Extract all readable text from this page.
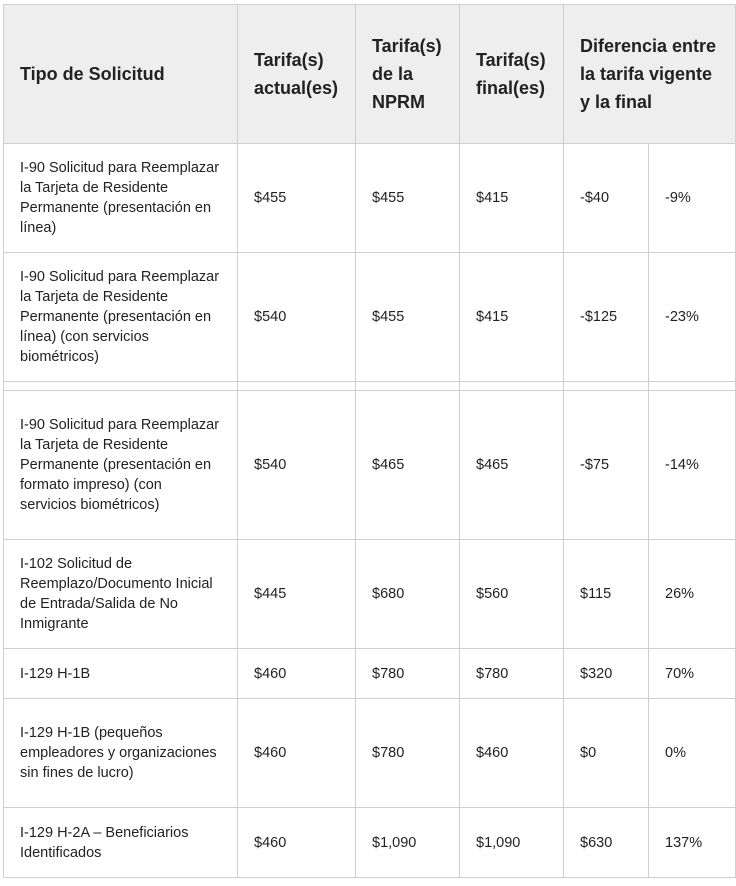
Tipo de Solicitud	Tarifa(s) actual(es)	Tarifa(s) de la NPRM	Tarifa(s) final(es)	Diferencia entre la tarifa vigente y la final	
I-90 Solicitud para Reemplazar la Tarjeta de Residente Permanente (presentación en línea)	$455	$455	$415	-$40	-9%
I-90 Solicitud para Reemplazar la Tarjeta de Residente Permanente (presentación en línea) (con servicios biométricos)	$540	$455	$415	-$125	-23%

I-90 Solicitud para Reemplazar la Tarjeta de Residente Permanente (presentación en formato impreso) (con servicios biométricos)	$540	$465	$465	-$75	-14%
I-102 Solicitud de Reemplazo/Documento Inicial de Entrada/Salida de No Inmigrante	$445	$680	$560	$115	26%
I-129 H-1B	$460	$780	$780	$320	70%
I-129 H-1B (pequeños empleadores y organizaciones sin fines de lucro)	$460	$780	$460	$0	0%
I-129 H-2A – Beneficiarios Identificados	$460	$1,090	$1,090	$630	137%
